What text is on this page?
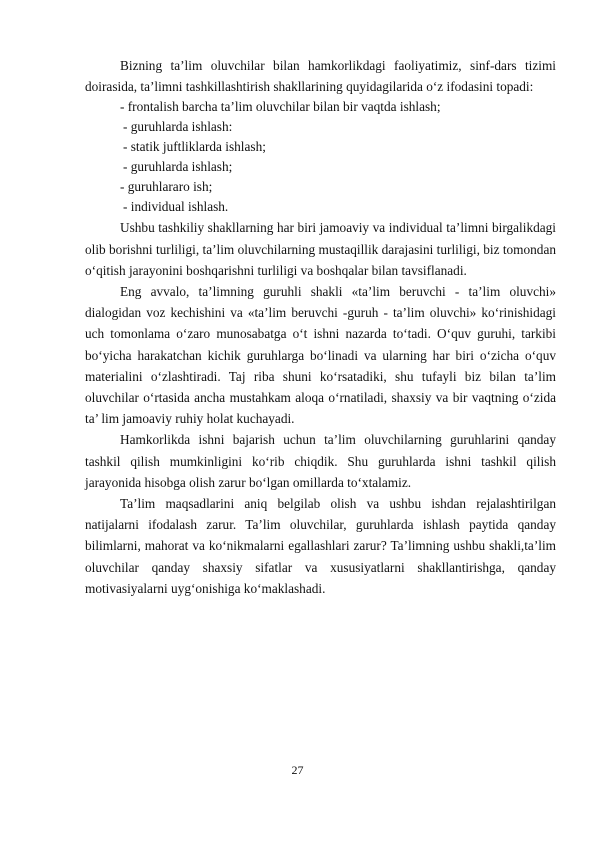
Bizning ta’lim oluvchilar bilan hamkorlikdagi faoliyatimiz, sinf-dars tizimi doirasida, ta’limni tashkillashtirish shakllarining quyidagilarida o‘z ifodasini topadi:

- frontalish barcha ta’lim oluvchilar bilan bir vaqtda ishlash;

- guruhlarda ishlash:

- statik juftliklarda ishlash;

- guruhlarda ishlash;

- guruhlararo ish;

- individual ishlash.

Ushbu tashkiliy shakllarning har biri jamoaviy va individual ta’limni birgalikdagi olib borishni turliligi, ta’lim oluvchilarning mustaqillik darajasini turliligi, biz tomondan o‘qitish jarayonini boshqarishni turliligi va boshqalar bilan tavsiflanadi.

Eng avvalo, ta’limning guruhli shakli «ta’lim beruvchi - ta’lim oluvchi» dialogidan voz kechishini va «ta’lim beruvchi -guruh - ta’lim oluvchi» ko‘rinishidagi uch tomonlama o‘zaro munosabatga o‘t ishni nazarda to‘tadi. O‘quv guruhi, tarkibi bo‘yicha harakatchan kichik guruhlarga bo‘linadi va ularning har biri o‘zicha o‘quv materialini o‘zlashtiradi. Taj riba shuni ko‘rsatadiki, shu tufayli biz bilan ta’lim oluvchilar o‘rtasida ancha mustahkam aloqa o‘rnatiladi, shaxsiy va bir vaqtning o‘zida ta’ lim jamoaviy ruhiy holat kuchayadi.

Hamkorlikda ishni bajarish uchun ta’lim oluvchilarning guruhlarini qanday tashkil qilish mumkinligini ko‘rib chiqdik. Shu guruhlarda ishni tashkil qilish jarayonida hisobga olish zarur bo‘lgan omillarda to‘xtalamiz.

Ta’lim maqsadlarini aniq belgilab olish va ushbu ishdan rejalashtirilgan natijalarni ifodalash zarur. Ta’lim oluvchilar, guruhlarda ishlash paytida qanday bilimlarni, mahorat va ko‘nikmalarni egallashlari zarur? Ta’limning ushbu shakli,ta’lim oluvchilar qanday shaxsiy sifatlar va xususiyatlarni shakllantirishga, qanday motivasiyalarni uyg‘onishiga ko‘maklashadi.

27
